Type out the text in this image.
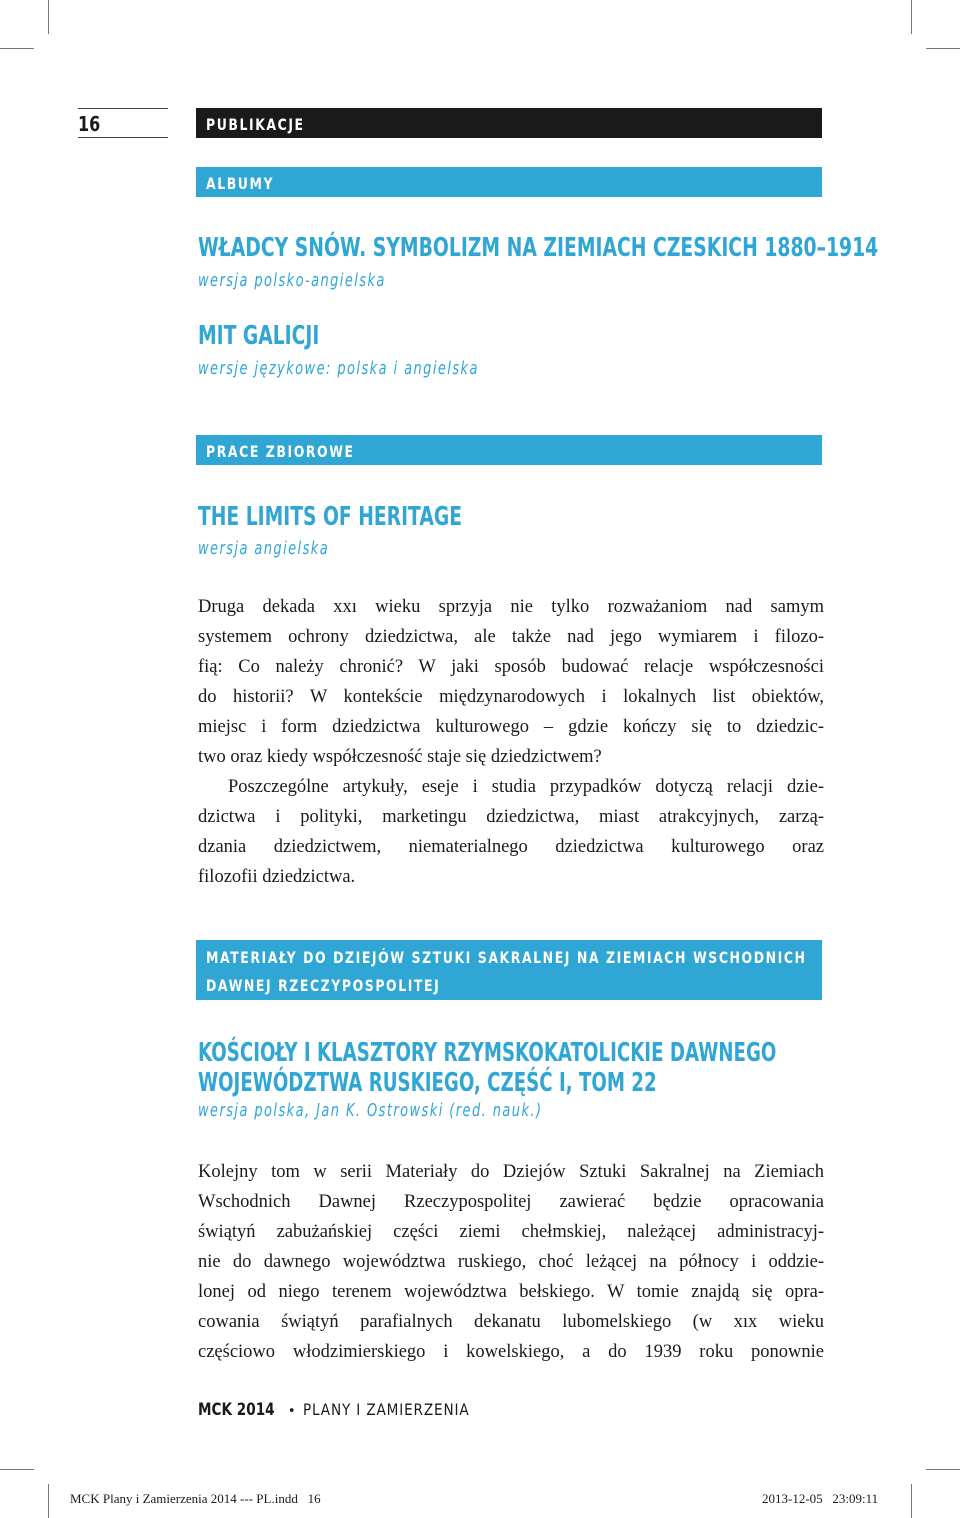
16	PUBLIKACJE
ALBUMY
WŁADCY SNÓW. SYMBOLIZM NA ZIEMIACH CZESKICH 1880–1914
wersja polsko-angielska
MIT GALICJI
wersje językowe: polska i angielska
PRACE ZBIOROWE
THE LIMITS OF HERITAGE
wersja angielska
Druga dekada xxı wieku sprzyja nie tylko rozważaniom nad samym
systemem ochrony dziedzictwa, ale także nad jego wymiarem i filozo-
fią: Co należy chronić? W jaki sposób budować relacje współczesności
do historii? W kontekście międzynarodowych i lokalnych list obiektów,
miejsc i form dziedzictwa kulturowego – gdzie kończy się to dziedzic-
two oraz kiedy współczesność staje się dziedzictwem?
Poszczególne artykuły, eseje i studia przypadków dotyczą relacji dzie-
dzictwa i polityki, marketingu dziedzictwa, miast atrakcyjnych, zarzą-
dzania dziedzictwem, niematerialnego dziedzictwa kulturowego oraz
filozofii dziedzictwa.
MATERIAŁY DO DZIEJÓW SZTUKI SAKRALNEJ NA ZIEMIACH WSCHODNICH
DAWNEJ RZECZYPOSPOLITEJ
KOŚCIOŁY I KLASZTORY RZYMSKOKATOLICKIE DAWNEGO
WOJEWÓDZTWA RUSKIEGO, CZĘŚĆ I, TOM 22
wersja polska, Jan K. Ostrowski (red. nauk.)
Kolejny tom w serii Materiały do Dziejów Sztuki Sakralnej na Ziemiach
Wschodnich Dawnej Rzeczypospolitej zawierać będzie opracowania
świątyń zabużańskiej części ziemi chełmskiej, należącej administracyj-
nie do dawnego województwa ruskiego, choć leżącej na północy i oddzie-
lonej od niego terenem województwa bełskiego. W tomie znajdą się opra-
cowania świątyń parafialnych dekanatu lubomelskiego (w xıx wieku
częściowo włodzimierskiego i kowelskiego, a do 1939 roku ponownie
MCK 2014 • PLANY I ZAMIERZENIA
MCK Plany i Zamierzenia 2014 --- PL.indd   16	2013-12-05   23:09:11
